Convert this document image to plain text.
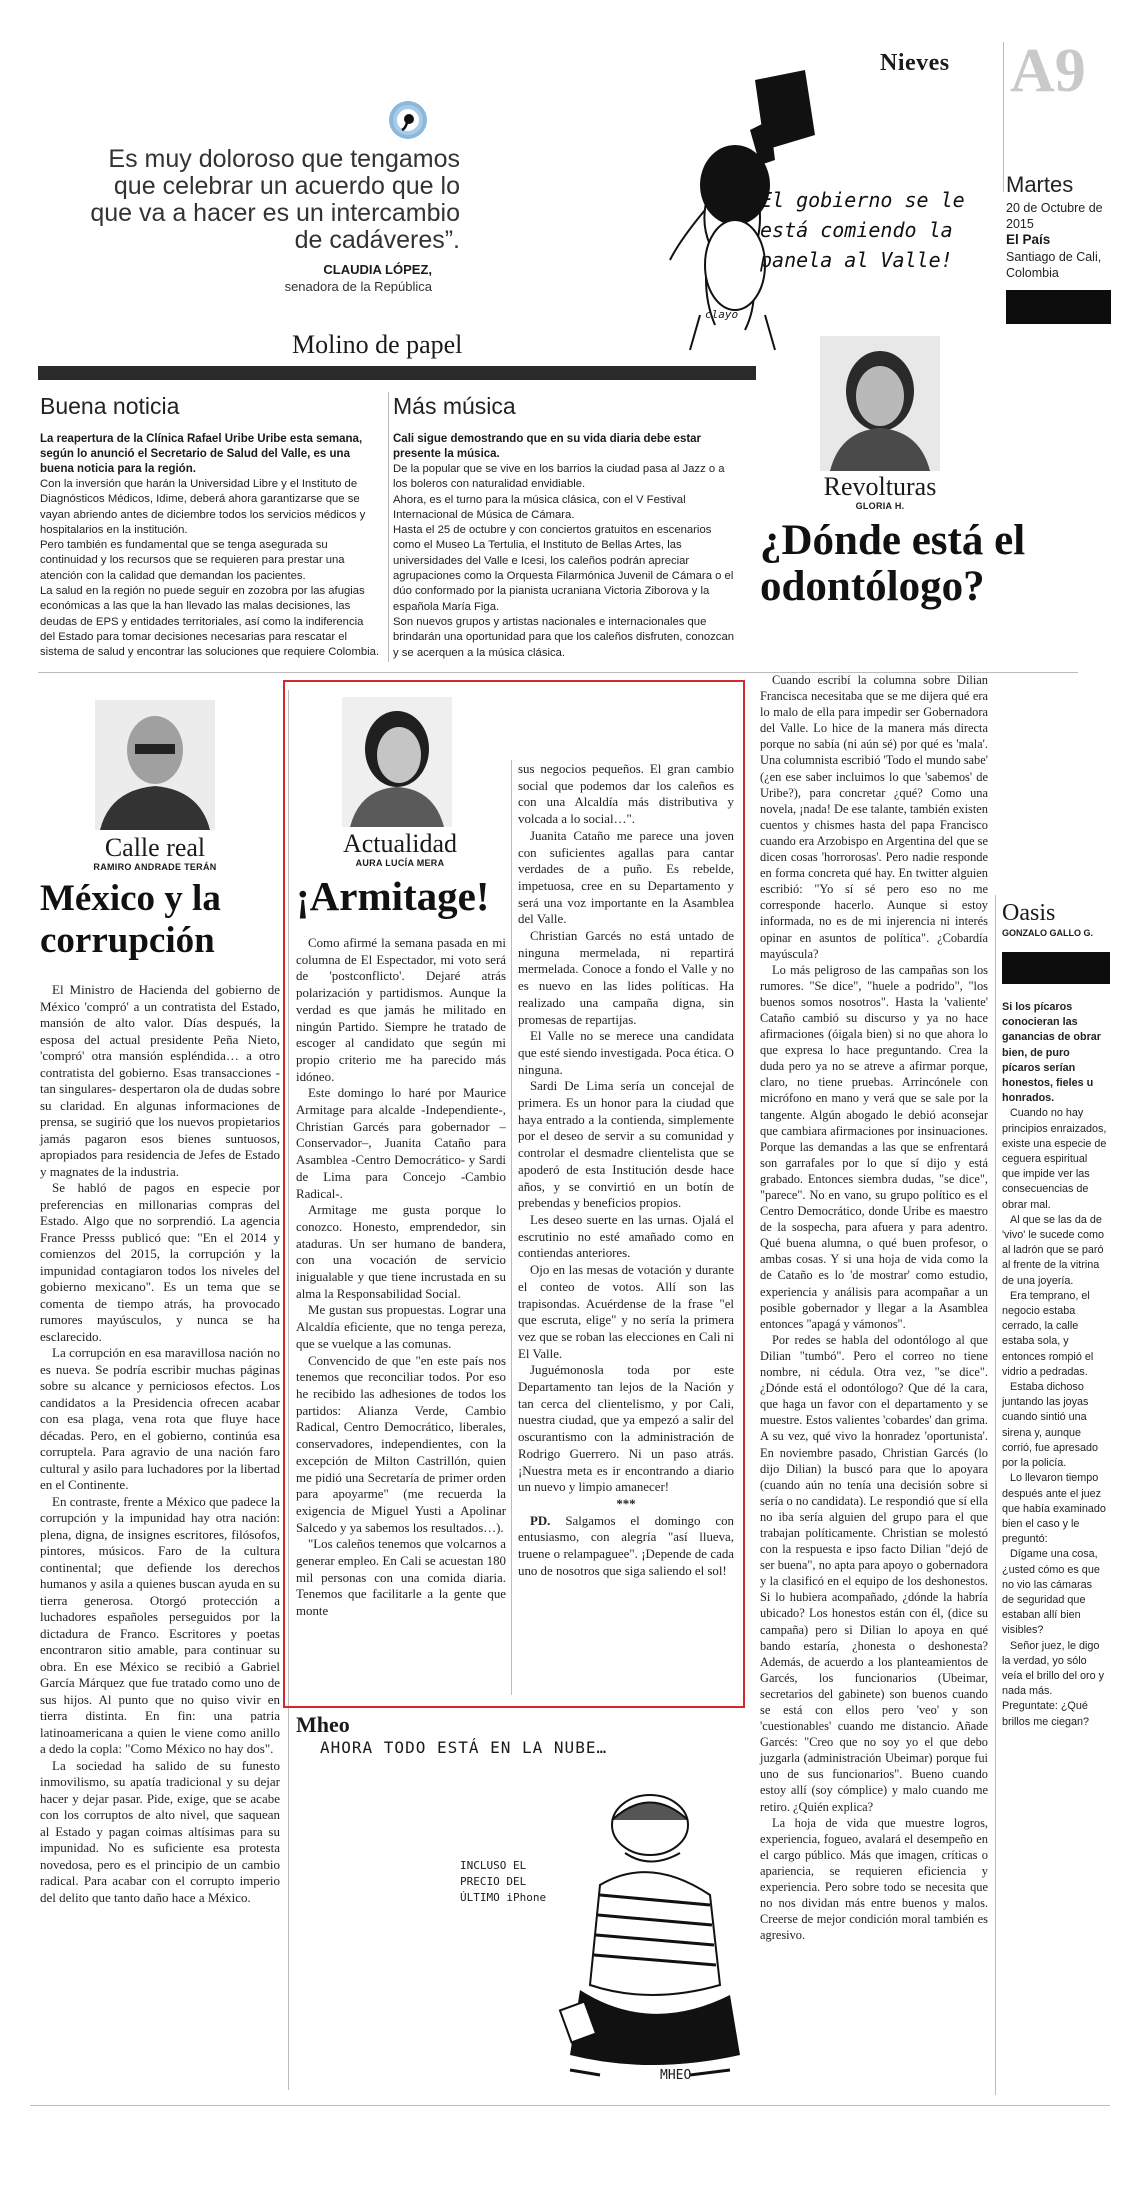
Nieves A9
Martes
20 de Octubre de 2015
El País
Santiago de Cali,
Colombia
Es muy doloroso que tengamos que celebrar un acuerdo que lo que va a hacer es un intercambio de cadáveres”.
CLAUDIA LÓPEZ,
senadora de la República
El gobierno se le está comiendo la panela al Valle!
clayo
Molino de papel
Buena noticia

La reapertura de la Clínica Rafael Uribe Uribe esta semana, según lo anunció el Secretario de Salud del Valle, es una buena noticia para la región.

Con la inversión que harán la Universidad Libre y el Instituto de Diagnósticos Médicos, Idime, deberá ahora garantizarse que se vayan abriendo antes de diciembre todos los servicios médicos y hospitalarios en la institución.

Pero también es fundamental que se tenga asegurada su continuidad y los recursos que se requieren para prestar una atención con la calidad que demandan los pacientes.

La salud en la región no puede seguir en zozobra por las afugias económicas a las que la han llevado las malas decisiones, las deudas de EPS y entidades territoriales, así como la indiferencia del Estado para tomar decisiones necesarias para rescatar el sistema de salud y encontrar las soluciones que requiere Colombia.

Más música

Cali sigue demostrando que en su vida diaria debe estar presente la música.

De la popular que se vive en los barrios la ciudad pasa al Jazz o a los boleros con naturalidad envidiable.

Ahora, es el turno para la música clásica, con el V Festival Internacional de Música de Cámara.

Hasta el 25 de octubre y con conciertos gratuitos en escenarios como el Museo La Tertulia, el Instituto de Bellas Artes, las universidades del Valle e Icesi, los caleños podrán apreciar agrupaciones como la Orquesta Filarmónica Juvenil de Cámara o el dúo conformado por la pianista ucraniana Victoria Ziborova y la española María Figa.

Son nuevos grupos y artistas nacionales e internacionales que brindarán una oportunidad para que los caleños disfruten, conozcan y se acerquen a la música clásica.

Revolturas
GLORIA H.
¿Dónde está el odontólogo?

Cuando escribí la columna sobre Dilian Francisca necesitaba que se me dijera qué era lo malo de ella para impedir ser Gobernadora del Valle. Lo hice de la manera más directa porque no sabía (ni aún sé) por qué es 'mala'. Una columnista escribió 'Todo el mundo sabe' (¿en ese saber incluimos lo que 'sabemos' de Uribe?), para concretar ¿qué? Como una novela, ¡nada! De ese talante, también existen cuentos y chismes hasta del papa Francisco cuando era Arzobispo en Argentina del que se dicen cosas 'horrorosas'. Pero nadie responde en forma concreta qué hay. En twitter alguien escribió: "Yo sí sé pero eso no me corresponde hacerlo. Aunque si estoy informada, no es de mi injerencia ni interés opinar en asuntos de política". ¿Cobardía mayúscula?

Lo más peligroso de las campañas son los rumores. "Se dice", "huele a podrido", "los buenos somos nosotros". Hasta la 'valiente' Cataño cambió su discurso y ya no hace afirmaciones (óigala bien) si no que ahora lo que expresa lo hace preguntando. Crea la duda pero ya no se atreve a afirmar porque, claro, no tiene pruebas. Arrincónele con micrófono en mano y verá que se sale por la tangente. Algún abogado le debió aconsejar que cambiara afirmaciones por insinuaciones. Porque las demandas a las que se enfrentará son garrafales por lo que sí dijo y está grabado. Entonces siembra dudas, "se dice", "parece". No en vano, su grupo político es el Centro Democrático, donde Uribe es maestro de la sospecha, para afuera y para adentro. Qué buena alumna, o qué buen profesor, o ambas cosas. Y si una hoja de vida como la de Cataño es lo 'de mostrar' como estudio, experiencia y análisis para acompañar a un posible gobernador y llegar a la Asamblea entonces "apagá y vámonos".

Por redes se habla del odontólogo al que Dilian "tumbó". Pero el correo no tiene nombre, ni cédula. Otra vez, "se dice". ¿Dónde está el odontólogo? Que dé la cara, que haga un favor con el departamento y se muestre. Estos valientes 'cobardes' dan grima. A su vez, qué vivo la honradez 'oportunista'. En noviembre pasado, Christian Garcés (lo dijo Dilian) la buscó para que lo apoyara (cuando aún no tenía una decisión sobre si sería o no candidata). Le respondió que sí ella no iba sería alguien del grupo para el que trabajan políticamente. Christian se molestó con la respuesta e ipso facto Dilian "dejó de ser buena", no apta para apoyo o gobernadora y la clasificó en el equipo de los deshonestos. Si lo hubiera acompañado, ¿dónde la habría ubicado? Los honestos están con él, (dice su campaña) pero si Dilian lo apoya en qué bando estaría, ¿honesta o deshonesta? Además, de acuerdo a los planteamientos de Garcés, los funcionarios (Ubeimar, secretarios del gabinete) son buenos cuando se está con ellos pero 'veo' y son 'cuestionables' cuando me distancio. Añade Garcés: "Creo que no soy yo el que debo juzgarla (administración Ubeimar) porque fui uno de sus funcionarios". Bueno cuando estoy allí (soy cómplice) y malo cuando me retiro. ¿Quién explica?

La hoja de vida que muestre logros, experiencia, fogueo, avalará el desempeño en el cargo público. Más que imagen, críticas o apariencia, se requieren eficiencia y experiencia. Pero sobre todo se necesita que no nos dividan más entre buenos y malos. Creerse de mejor condición moral también es agresivo.

Oasis
GONZALO GALLO G.

Si los pícaros conocieran las ganancias de obrar bien, de puro pícaros serían honestos, fieles u honrados.

Cuando no hay principios enraizados, existe una especie de ceguera espiritual que impide ver las consecuencias de obrar mal.

Al que se las da de 'vivo' le sucede como al ladrón que se paró al frente de la vitrina de una joyería.

Era temprano, el negocio estaba cerrado, la calle estaba sola, y entonces rompió el vidrio a pedradas.

Estaba dichoso juntando las joyas cuando sintió una sirena y, aunque corrió, fue apresado por la policía.

Lo llevaron tiempo después ante el juez que había examinado bien el caso y le preguntó:

Dígame una cosa, ¿usted cómo es que no vio las cámaras de seguridad que estaban allí bien visibles?

Señor juez, le digo la verdad, yo sólo veía el brillo del oro y nada más. Preguntate: ¿Qué brillos me ciegan?

Calle real
RAMIRO ANDRADE TERÁN
México y la corrupción

El Ministro de Hacienda del gobierno de México 'compró' a un contratista del Estado, mansión de alto valor. Días después, la esposa del actual presidente Peña Nieto, 'compró' otra mansión espléndida… a otro contratista del gobierno. Esas transacciones -tan singulares- despertaron ola de dudas sobre su claridad. En algunas informaciones de prensa, se sugirió que los nuevos propietarios jamás pagaron esos bienes suntuosos, apropiados para residencia de Jefes de Estado y magnates de la industria.

Se habló de pagos en especie por preferencias en millonarias compras del Estado. Algo que no sorprendió. La agencia France Presss publicó que: "En el 2014 y comienzos del 2015, la corrupción y la impunidad contagiaron todos los niveles del gobierno mexicano". Es un tema que se comenta de tiempo atrás, ha provocado rumores mayúsculos, y nunca se ha esclarecido.

La corrupción en esa maravillosa nación no es nueva. Se podría escribir muchas páginas sobre su alcance y perniciosos efectos. Los candidatos a la Presidencia ofrecen acabar con esa plaga, vena rota que fluye hace décadas. Pero, en el gobierno, continúa esa corruptela. Para agravio de una nación faro cultural y asilo para luchadores por la libertad en el Continente.

En contraste, frente a México que padece la corrupción y la impunidad hay otra nación: plena, digna, de insignes escritores, filósofos, pintores, músicos. Faro de la cultura continental; que defiende los derechos humanos y asila a quienes buscan ayuda en su tierra generosa. Otorgó protección a luchadores españoles perseguidos por la dictadura de Franco. Escritores y poetas encontraron sitio amable, para continuar su obra. En ese México se recibió a Gabriel García Márquez que fue tratado como uno de sus hijos. Al punto que no quiso vivir en tierra distinta. En fin: una patria latinoamericana a quien le viene como anillo a dedo la copla: "Como México no hay dos".

La sociedad ha salido de su funesto inmovilismo, su apatía tradicional y su dejar hacer y dejar pasar. Pide, exige, que se acabe con los corruptos de alto nivel, que saquean al Estado y pagan coimas altísimas para su impunidad. No es suficiente esa protesta novedosa, pero es el principio de un cambio radical. Para acabar con el corrupto imperio del delito que tanto daño hace a México.

Actualidad
AURA LUCÍA MERA
¡Armitage!

Como afirmé la semana pasada en mi columna de El Espectador, mi voto será de 'postconflicto'. Dejaré atrás polarización y partidismos. Aunque la verdad es que jamás he militado en ningún Partido. Siempre he tratado de escoger al candidato que según mi propio criterio me ha parecido más idóneo.

Este domingo lo haré por Maurice Armitage para alcalde -Independiente-, Christian Garcés para gobernador –Conservador–, Juanita Cataño para Asamblea -Centro Democrático- y Sardi de Lima para Concejo -Cambio Radical-.

Armitage me gusta porque lo conozco. Honesto, emprendedor, sin ataduras. Un ser humano de bandera, con una vocación de servicio inigualable y que tiene incrustada en su alma la Responsabilidad Social.

Me gustan sus propuestas. Lograr una Alcaldía eficiente, que no tenga pereza, que se vuelque a las comunas.

Convencido de que "en este país nos tenemos que reconciliar todos. Por eso he recibido las adhesiones de todos los partidos: Alianza Verde, Cambio Radical, Centro Democrático, liberales, conservadores, independientes, con la excepción de Milton Castrillón, quien me pidió una Secretaría de primer orden para apoyarme" (me recuerda la exigencia de Miguel Yusti a Apolinar Salcedo y ya sabemos los resultados…).

"Los caleños tenemos que volcarnos a generar empleo. En Cali se acuestan 180 mil personas con una comida diaria. Tenemos que facilitarle a la gente que monte

sus negocios pequeños. El gran cambio social que podemos dar los caleños es con una Alcaldía más distributiva y volcada a lo social…".

Juanita Cataño me parece una joven con suficientes agallas para cantar verdades de a puño. Es rebelde, impetuosa, cree en su Departamento y será una voz importante en la Asamblea del Valle.

Christian Garcés no está untado de ninguna mermelada, ni repartirá mermelada. Conoce a fondo el Valle y no es nuevo en las lides políticas. Ha realizado una campaña digna, sin promesas de repartijas.

El Valle no se merece una candidata que esté siendo investigada. Poca ética. O ninguna.

Sardi De Lima sería un concejal de primera. Es un honor para la ciudad que haya entrado a la contienda, simplemente por el deseo de servir a su comunidad y controlar el desmadre clientelista que se apoderó de esta Institución desde hace años, y se convirtió en un botín de prebendas y beneficios propios.

Les deseo suerte en las urnas. Ojalá el escrutinio no esté amañado como en contiendas anteriores.

Ojo en las mesas de votación y durante el conteo de votos. Allí son las trapisondas. Acuérdense de la frase "el que escruta, elige" y no sería la primera vez que se roban las elecciones en Cali ni El Valle.

Juguémonosla toda por este Departamento tan lejos de la Nación y tan cerca del clientelismo, y por Cali, nuestra ciudad, que ya empezó a salir del oscurantismo con la administración de Rodrigo Guerrero. Ni un paso atrás. ¡Nuestra meta es ir encontrando a diario un nuevo y limpio amanecer!

***

PD. Salgamos el domingo con entusiasmo, con alegría "así llueva, truene o relampaguee". ¡Depende de cada uno de nosotros que siga saliendo el sol!

Mheo
AHORA TODO ESTÁ EN LA NUBE…
INCLUSO EL PRECIO DEL ÚLTIMO iPhone
MHEO
